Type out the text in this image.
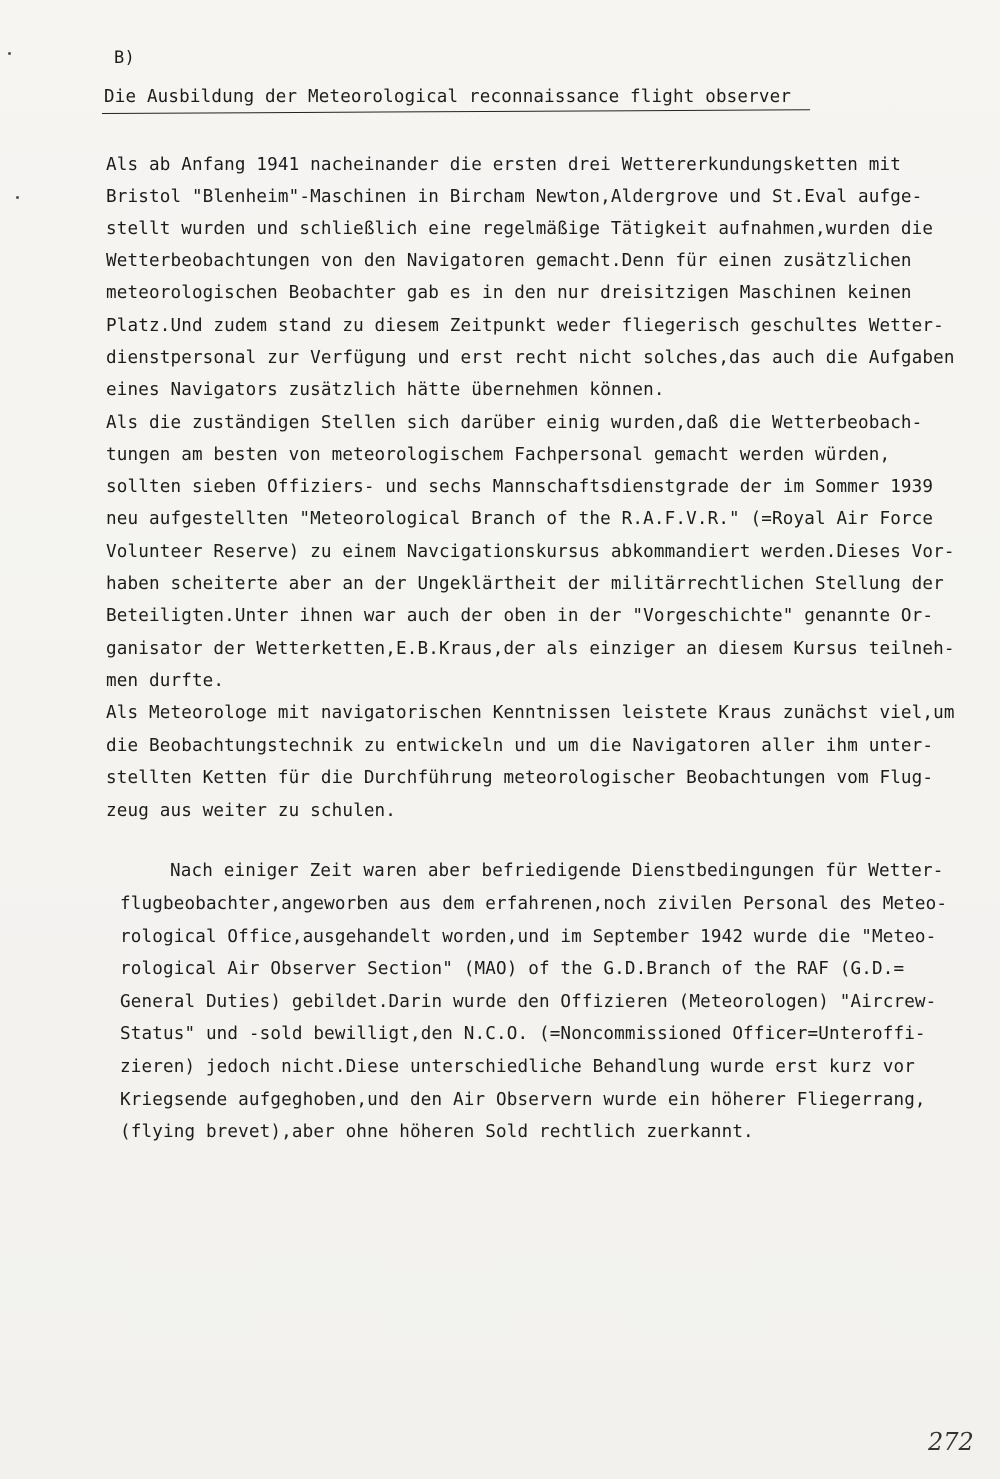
B)
Die Ausbildung der Meteorological reconnaissance flight observer
Als ab Anfang 1941 nacheinander die ersten drei Wettererkundungsketten mit
Bristol "Blenheim"-Maschinen in Bircham Newton,Aldergrove und St.Eval aufge-
stellt wurden und schließlich eine regelmäßige Tätigkeit aufnahmen,wurden die
Wetterbeobachtungen von den Navigatoren gemacht.Denn für einen zusätzlichen
meteorologischen Beobachter gab es in den nur dreisitzigen Maschinen keinen
Platz.Und zudem stand zu diesem Zeitpunkt weder fliegerisch geschultes Wetter-
dienstpersonal zur Verfügung und erst recht nicht solches,das auch die Aufgaben
eines Navigators zusätzlich hätte übernehmen können.
Als die zuständigen Stellen sich darüber einig wurden,daß die Wetterbeobach-
tungen am besten von meteorologischem Fachpersonal gemacht werden würden,
sollten sieben Offiziers- und sechs Mannschaftsdienstgrade der im Sommer 1939
neu aufgestellten "Meteorological Branch of the R.A.F.V.R." (=Royal Air Force
Volunteer Reserve) zu einem Navcigationskursus abkommandiert werden.Dieses Vor-
haben scheiterte aber an der Ungeklärtheit der militärrechtlichen Stellung der
Beteiligten.Unter ihnen war auch der oben in der "Vorgeschichte" genannte Or-
ganisator der Wetterketten,E.B.Kraus,der als einziger an diesem Kursus teilneh-
men durfte.
Als Meteorologe mit navigatorischen Kenntnissen leistete Kraus zunächst viel,um
die Beobachtungstechnik zu entwickeln und um die Navigatoren aller ihm unter-
stellten Ketten für die Durchführung meteorologischer Beobachtungen vom Flug-
zeug aus weiter zu schulen.
Nach einiger Zeit waren aber befriedigende Dienstbedingungen für Wetter-
flugbeobachter,angeworben aus dem erfahrenen,noch zivilen Personal des Meteo-
rological Office,ausgehandelt worden,und im September 1942 wurde die "Meteo-
rological Air Observer Section" (MAO) of the G.D.Branch of the RAF (G.D.=
General Duties) gebildet.Darin wurde den Offizieren (Meteorologen) "Aircrew-
Status" und -sold bewilligt,den N.C.O. (=Noncommissioned Officer=Unteroffi-
zieren) jedoch nicht.Diese unterschiedliche Behandlung wurde erst kurz vor
Kriegsende aufgeghoben,und den Air Observern wurde ein höherer Fliegerrang,
(flying brevet),aber ohne höheren Sold rechtlich zuerkannt.
272
